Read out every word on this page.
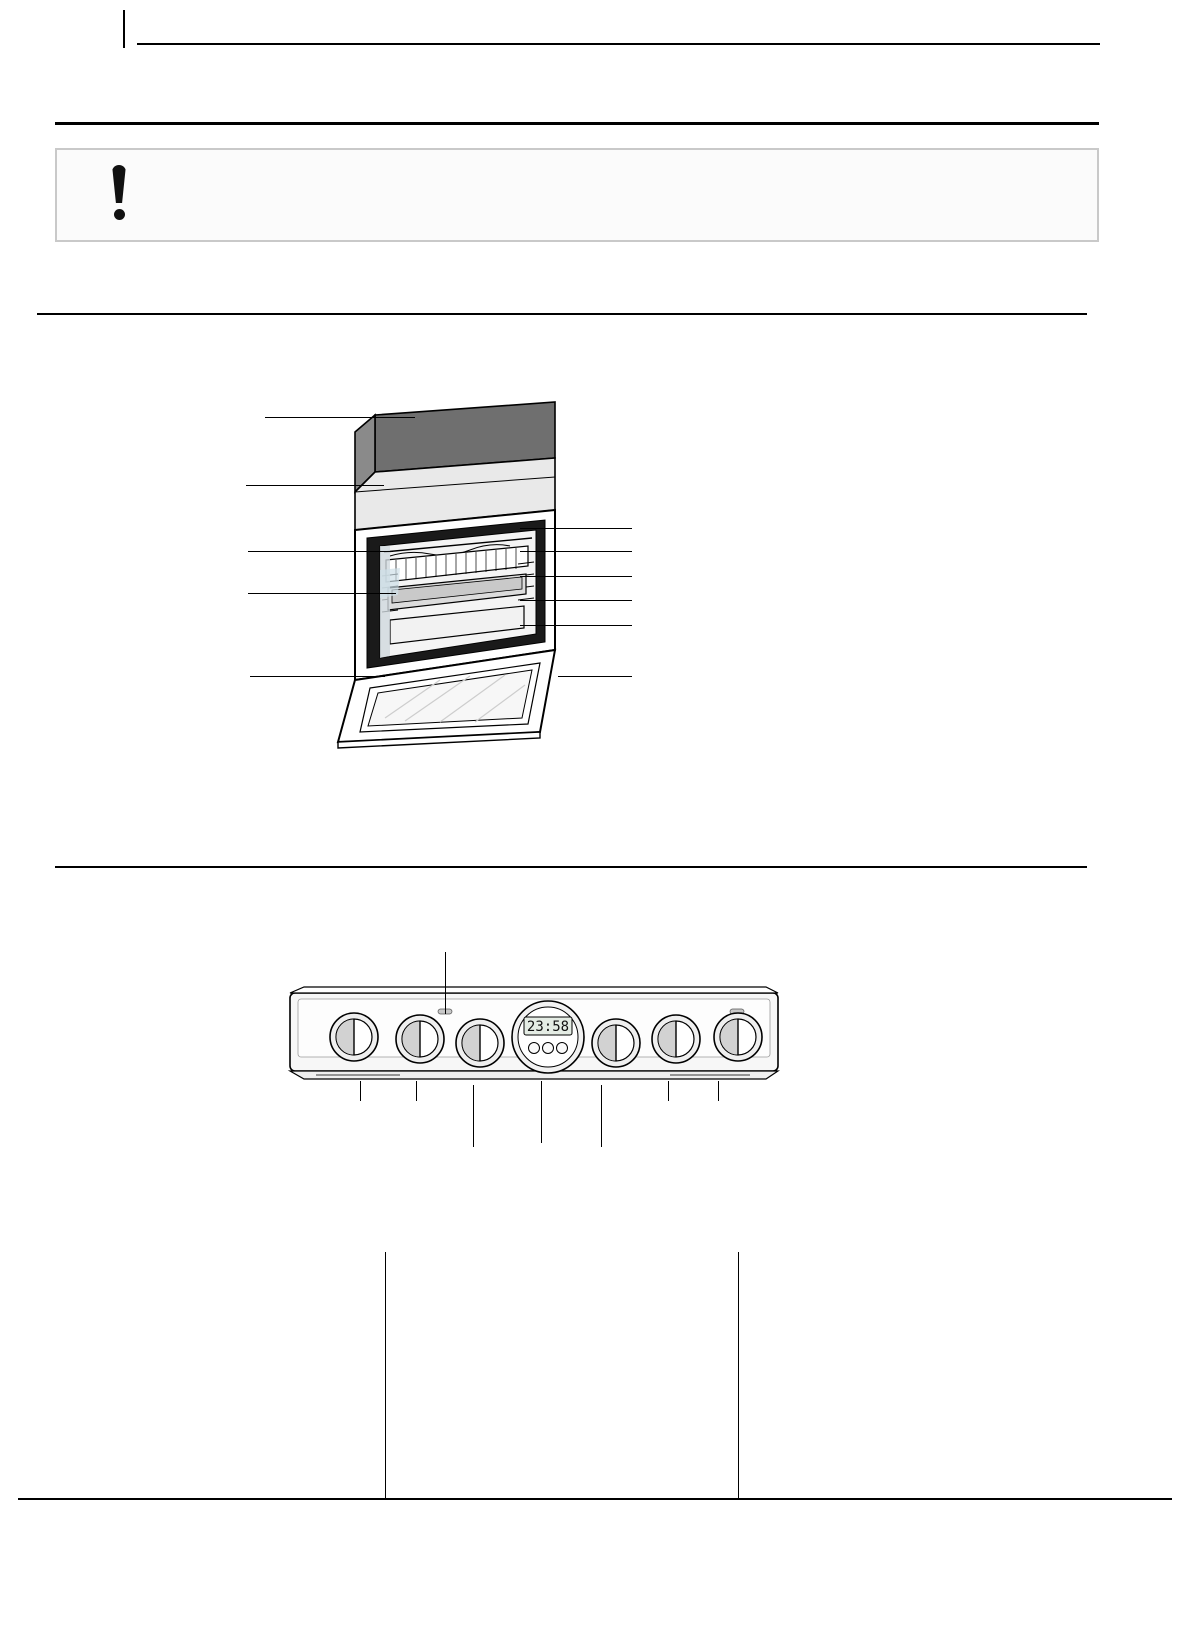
23:58
